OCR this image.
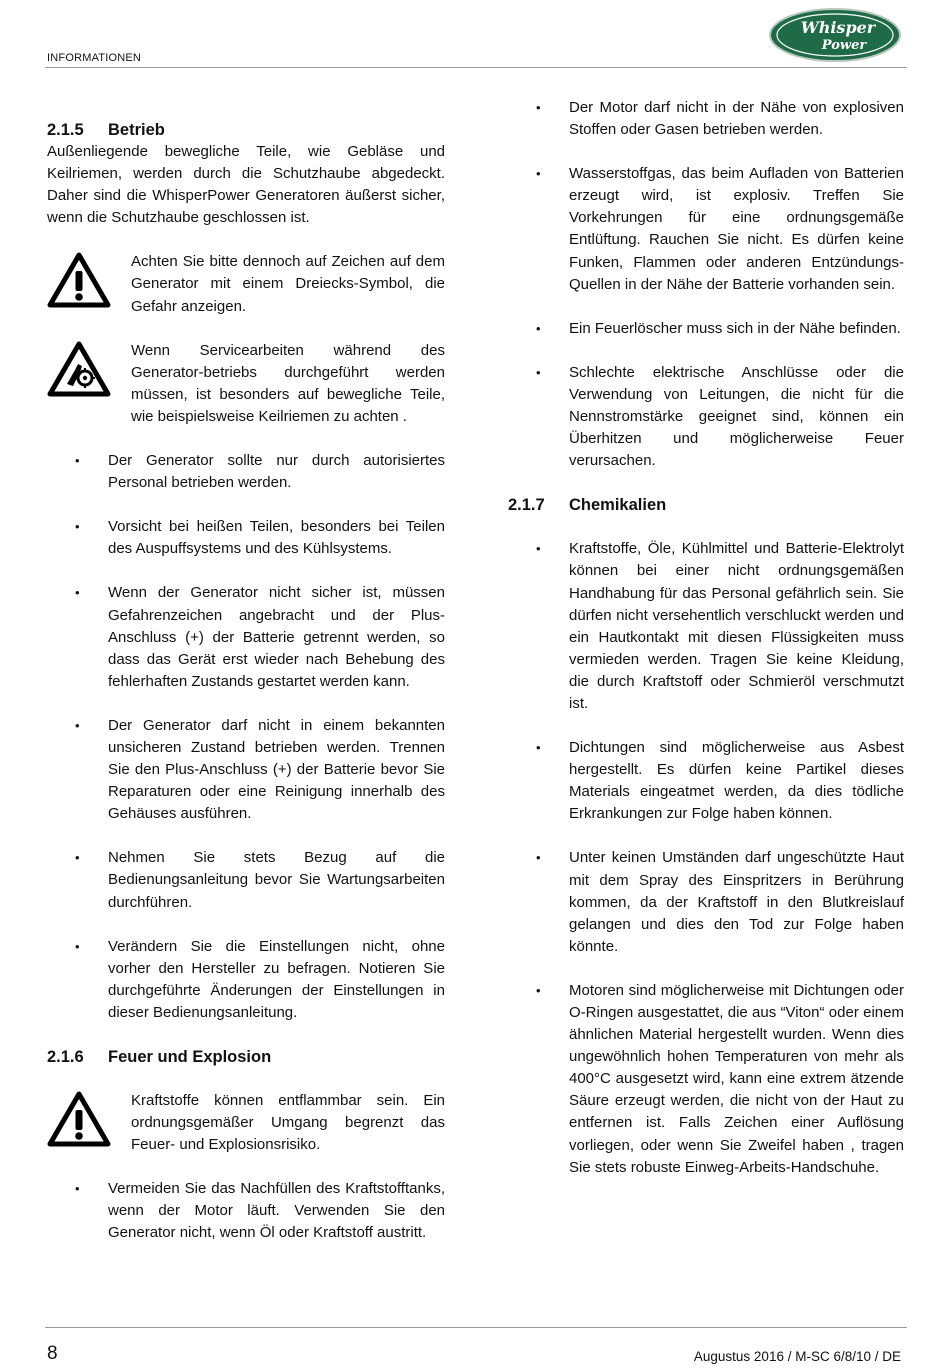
INFORMATIONEN
Whisper
Power
2.1.5	Betrieb

Außenliegende bewegliche Teile, wie Gebläse und Keilriemen, werden durch die Schutzhaube abgedeckt. Daher sind die WhisperPower Generatoren äußerst sicher, wenn die Schutzhaube geschlossen ist.

Achten Sie bitte dennoch auf Zeichen auf dem Generator mit einem Dreiecks-Symbol, die Gefahr anzeigen.

Wenn Servicearbeiten während des Generator-betriebs durchgeführt werden müssen, ist besonders auf bewegliche Teile, wie beispielsweise Keilriemen zu achten .

• Der Generator sollte nur durch autorisiertes Personal betrieben werden.
• Vorsicht bei heißen Teilen, besonders bei Teilen des Auspuffsystems und des Kühlsystems.
• Wenn der Generator nicht sicher ist, müssen Gefahrenzeichen angebracht und der Plus-Anschluss (+) der Batterie getrennt werden, so dass das Gerät erst wieder nach Behebung des fehlerhaften Zustands gestartet werden kann.
• Der Generator darf nicht in einem bekannten unsicheren Zustand betrieben werden. Trennen Sie den Plus-Anschluss (+) der Batterie bevor Sie Reparaturen oder eine Reinigung innerhalb des Gehäuses ausführen.
• Nehmen Sie stets Bezug auf die Bedienungsanleitung bevor Sie Wartungsarbeiten durchführen.
• Verändern Sie die Einstellungen nicht, ohne vorher den Hersteller zu befragen. Notieren Sie durchgeführte Änderungen der Einstellungen in dieser Bedienungsanleitung.
2.1.6	Feuer und Explosion

Kraftstoffe können entflammbar sein. Ein ordnungsgemäßer Umgang begrenzt das Feuer- und Explosionsrisiko.

• Vermeiden Sie das Nachfüllen des Kraftstofftanks, wenn der Motor läuft. Verwenden Sie den Generator nicht, wenn Öl oder Kraftstoff austritt.
• Der Motor darf nicht in der Nähe von explosiven Stoffen oder Gasen betrieben werden.
• Wasserstoffgas, das beim Aufladen von Batterien erzeugt wird, ist explosiv. Treffen Sie Vorkehrungen für eine ordnungsgemäße Entlüftung. Rauchen Sie nicht. Es dürfen keine Funken, Flammen oder anderen Entzündungs-Quellen in der Nähe der Batterie vorhanden sein.
• Ein Feuerlöscher muss sich in der Nähe befinden.
• Schlechte elektrische Anschlüsse oder die Verwendung von Leitungen, die nicht für die Nennstromstärke geeignet sind, können ein Überhitzen und möglicherweise Feuer verursachen.
2.1.7	Chemikalien
• Kraftstoffe, Öle, Kühlmittel und Batterie-Elektrolyt können bei einer nicht ordnungsgemäßen Handhabung für das Personal gefährlich sein. Sie dürfen nicht versehentlich verschluckt werden und ein Hautkontakt mit diesen Flüssigkeiten muss vermieden werden. Tragen Sie keine Kleidung, die durch Kraftstoff oder Schmieröl verschmutzt ist.
• Dichtungen sind möglicherweise aus Asbest hergestellt. Es dürfen keine Partikel dieses Materials eingeatmet werden, da dies tödliche Erkrankungen zur Folge haben können.
• Unter keinen Umständen darf ungeschützte Haut mit dem Spray des Einspritzers in Berührung kommen, da der Kraftstoff in den Blutkreislauf gelangen und dies den Tod zur Folge haben könnte.
• Motoren sind möglicherweise mit Dichtungen oder O-Ringen ausgestattet, die aus “Viton“ oder einem ähnlichen Material hergestellt wurden. Wenn dies ungewöhnlich hohen Temperaturen von mehr als 400°C ausgesetzt wird, kann eine extrem ätzende Säure erzeugt werden, die nicht von der Haut zu entfernen ist. Falls Zeichen einer Auflösung vorliegen, oder wenn Sie Zweifel haben , tragen Sie stets robuste Einweg-Arbeits-Handschuhe.
8	Augustus 2016 / M-SC 6/8/10 / DE
